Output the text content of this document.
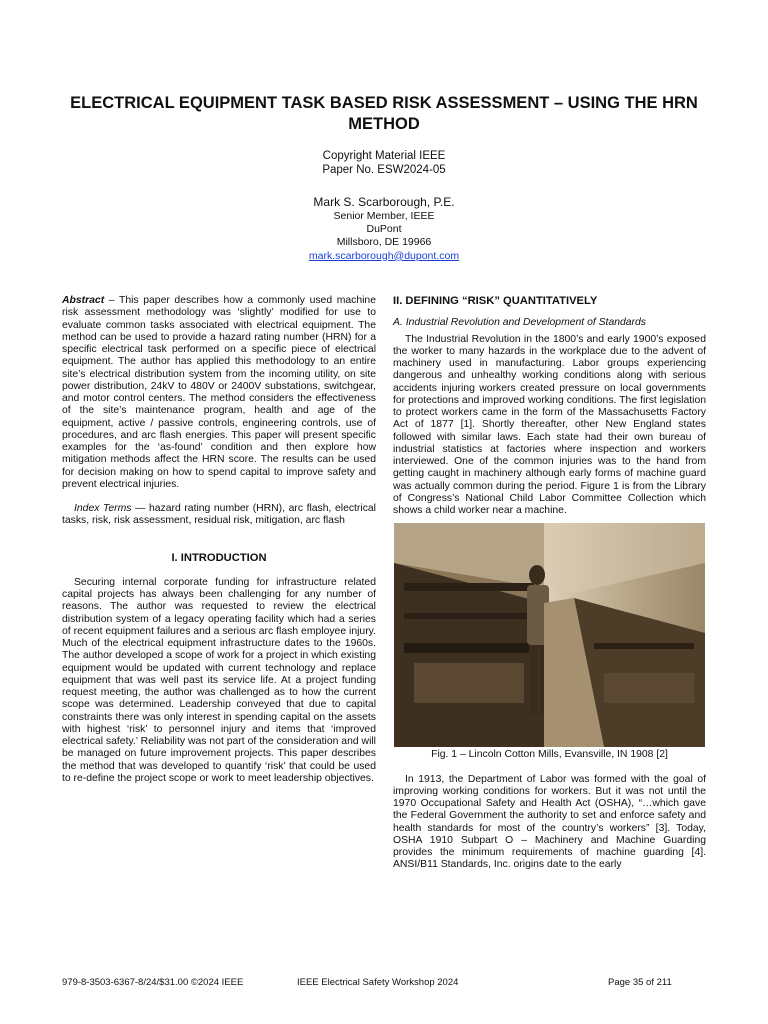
ELECTRICAL EQUIPMENT TASK BASED RISK ASSESSMENT – USING THE HRN METHOD
Copyright Material IEEE
Paper No. ESW2024-05
Mark S. Scarborough, P.E.
Senior Member, IEEE
DuPont
Millsboro, DE 19966
mark.scarborough@dupont.com

Abstract – This paper describes how a commonly used machine risk assessment methodology was ‘slightly’ modified for use to evaluate common tasks associated with electrical equipment. The method can be used to provide a hazard rating number (HRN) for a specific electrical task performed on a specific piece of electrical equipment. The author has applied this methodology to an entire site’s electrical distribution system from the incoming utility, on site power distribution, 24kV to 480V or 2400V substations, switchgear, and motor control centers. The method considers the effectiveness of the site’s maintenance program, health and age of the equipment, active / passive controls, engineering controls, use of procedures, and arc flash energies. This paper will present specific examples for the ‘as-found’ condition and then explore how mitigation methods affect the HRN score. The results can be used for decision making on how to spend capital to improve safety and prevent electrical injuries.

Index Terms — hazard rating number (HRN), arc flash, electrical tasks, risk, risk assessment, residual risk, mitigation, arc flash

I. INTRODUCTION

Securing internal corporate funding for infrastructure related capital projects has always been challenging for any number of reasons. The author was requested to review the electrical distribution system of a legacy operating facility which had a series of recent equipment failures and a serious arc flash employee injury. Much of the electrical equipment infrastructure dates to the 1960s. The author developed a scope of work for a project in which existing equipment would be updated with current technology and replace equipment that was well past its service life. At a project funding request meeting, the author was challenged as to how the current scope was determined. Leadership conveyed that due to capital constraints there was only interest in spending capital on the assets with highest ‘risk’ to personnel injury and items that ‘improved electrical safety.’ Reliability was not part of the consideration and will be managed on future improvement projects. This paper describes the method that was developed to quantify ‘risk’ that could be used to re-define the project scope or work to meet leadership objectives.

II. DEFINING “RISK” QUANTITATIVELY

A. Industrial Revolution and Development of Standards

The Industrial Revolution in the 1800’s and early 1900’s exposed the worker to many hazards in the workplace due to the advent of machinery used in manufacturing. Labor groups experiencing dangerous and unhealthy working conditions along with serious accidents injuring workers created pressure on local governments for protections and improved working conditions. The first legislation to protect workers came in the form of the Massachusetts Factory Act of 1877 [1]. Shortly thereafter, other New England states followed with similar laws. Each state had their own bureau of industrial statistics at factories where inspection and workers interviewed. One of the common injuries was to the hand from getting caught in machinery although early forms of machine guard was actually common during the period. Figure 1 is from the Library of Congress’s National Child Labor Committee Collection which shows a child worker near a machine.

Fig. 1 – Lincoln Cotton Mills, Evansville, IN 1908 [2]

In 1913, the Department of Labor was formed with the goal of improving working conditions for workers. But it was not until the 1970 Occupational Safety and Health Act (OSHA), “…which gave the Federal Government the authority to set and enforce safety and health standards for most of the country’s workers” [3]. Today, OSHA 1910 Subpart O – Machinery and Machine Guarding provides the minimum requirements of machine guarding [4]. ANSI/B11 Standards, Inc. origins date to the early

979-8-3503-6367-8/24/$31.00 ©2024 IEEE	IEEE Electrical Safety Workshop 2024	Page 35 of 211
